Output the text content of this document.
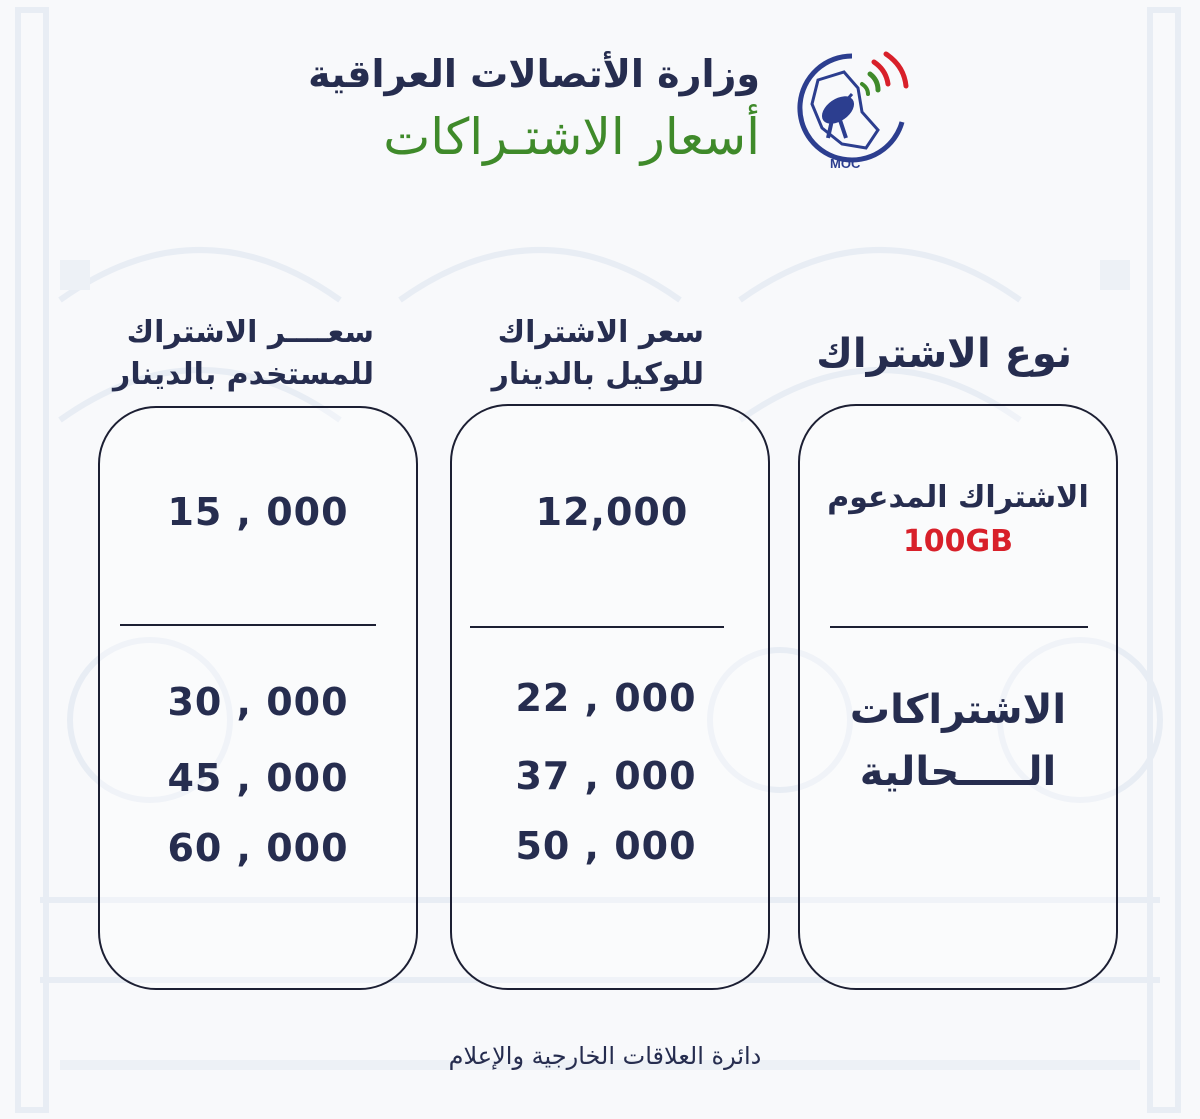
MOC

وزارة الأتصالات العراقية

أسعار الاشتـراكات

نوع الاشتراك
سعر الاشتراك
للوكيل بالدينار
سعــــر الاشتراك
للمستخدم بالدينار
15 , 000
30 , 000
45 , 000
60 , 000
12,000
22 , 000
37 , 000
50 , 000
الاشتراك المدعوم
100GB
الاشتراكات
الـــــحالية
دائرة العلاقات الخارجية والإعلام
